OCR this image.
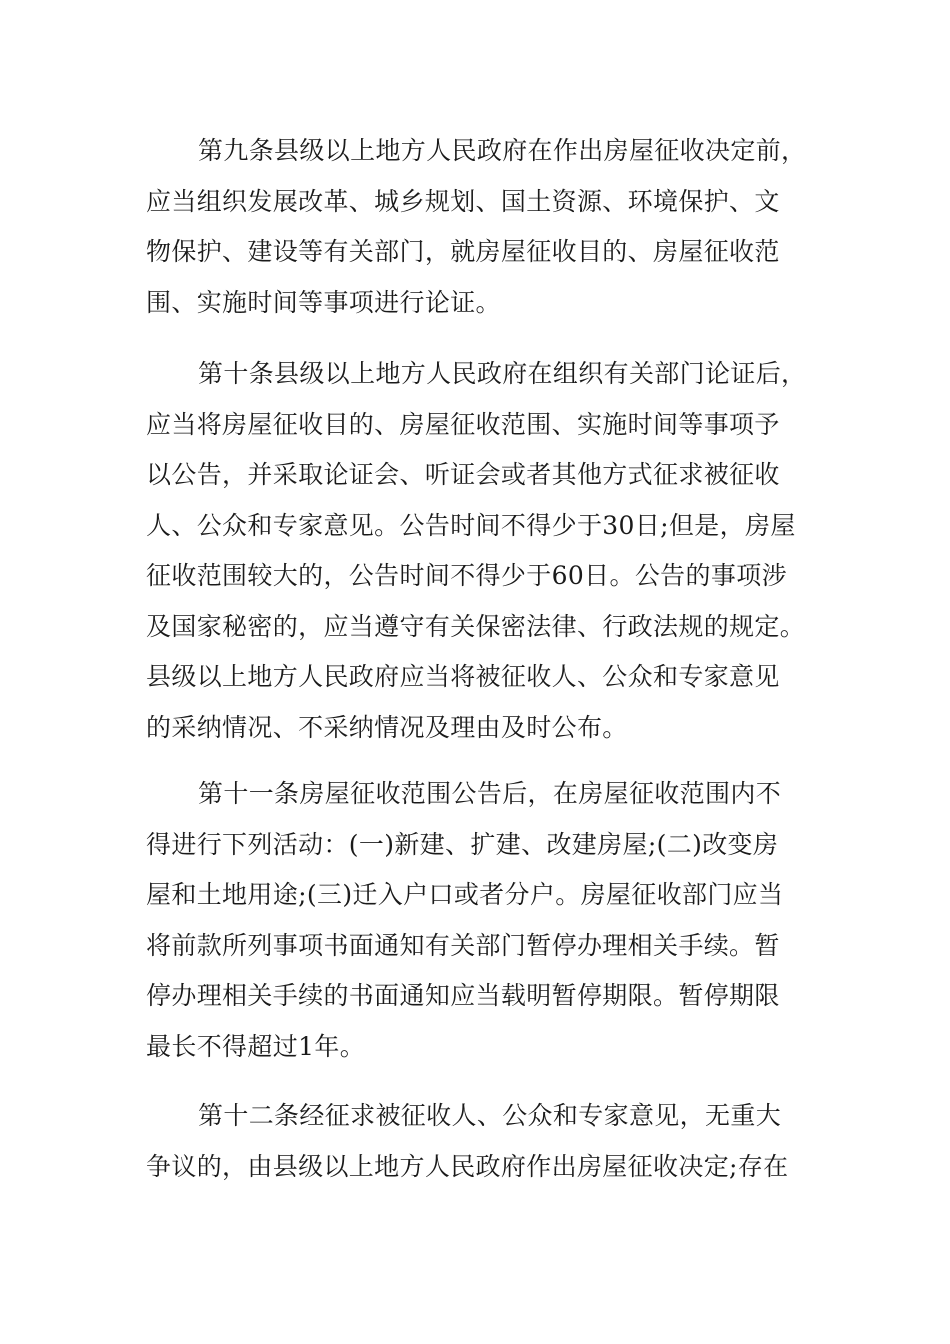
第九条县级以上地方人民政府在作出房屋征收决定前，
应当组织发展改革、城乡规划、国土资源、环境保护、文
物保护、建设等有关部门，就房屋征收目的、房屋征收范
围、实施时间等事项进行论证。
第十条县级以上地方人民政府在组织有关部门论证后，
应当将房屋征收目的、房屋征收范围、实施时间等事项予
以公告，并采取论证会、听证会或者其他方式征求被征收
人、公众和专家意见。公告时间不得少于30日;但是，房屋
征收范围较大的，公告时间不得少于60日。公告的事项涉
及国家秘密的，应当遵守有关保密法律、行政法规的规定。
县级以上地方人民政府应当将被征收人、公众和专家意见
的采纳情况、不采纳情况及理由及时公布。
第十一条房屋征收范围公告后，在房屋征收范围内不
得进行下列活动：(一)新建、扩建、改建房屋;(二)改变房
屋和土地用途;(三)迁入户口或者分户。房屋征收部门应当
将前款所列事项书面通知有关部门暂停办理相关手续。暂
停办理相关手续的书面通知应当载明暂停期限。暂停期限
最长不得超过1年。
第十二条经征求被征收人、公众和专家意见，无重大
争议的，由县级以上地方人民政府作出房屋征收决定;存在
